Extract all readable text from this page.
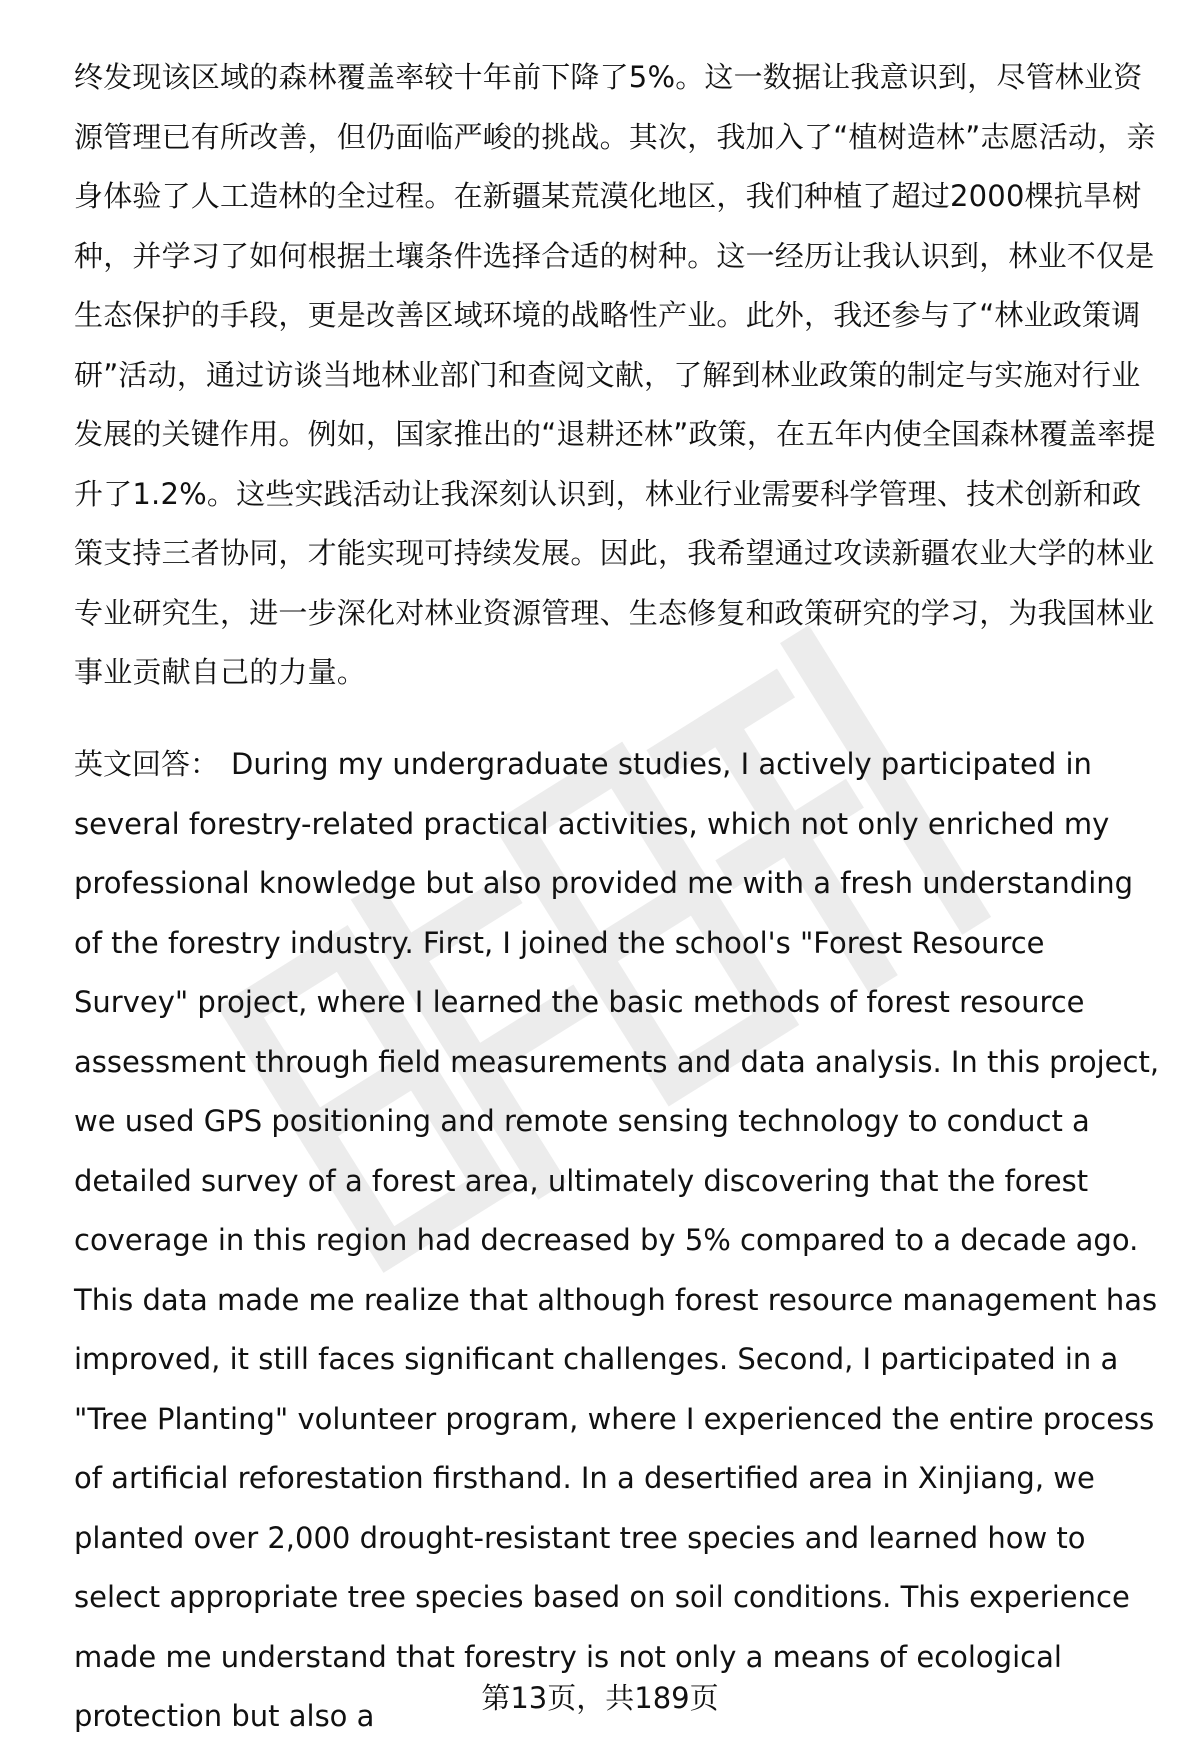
终发现该区域的森林覆盖率较十年前下降了5%。这一数据让我意识到，尽管林业资源管理已有所改善，但仍面临严峻的挑战。其次，我加入了“植树造林”志愿活动，亲身体验了人工造林的全过程。在新疆某荒漠化地区，我们种植了超过2000棵抗旱树种，并学习了如何根据土壤条件选择合适的树种。这一经历让我认识到，林业不仅是生态保护的手段，更是改善区域环境的战略性产业。此外，我还参与了“林业政策调研”活动，通过访谈当地林业部门和查阅文献，了解到林业政策的制定与实施对行业发展的关键作用。例如，国家推出的“退耕还林”政策，在五年内使全国森林覆盖率提升了1.2%。这些实践活动让我深刻认识到，林业行业需要科学管理、技术创新和政策支持三者协同，才能实现可持续发展。因此，我希望通过攻读新疆农业大学的林业专业研究生，进一步深化对林业资源管理、生态修复和政策研究的学习，为我国林业事业贡献自己的力量。

英文回答： During my undergraduate studies, I actively participated in several forestry-related practical activities, which not only enriched my professional knowledge but also provided me with a fresh understanding of the forestry industry. First, I joined the school's "Forest Resource Survey" project, where I learned the basic methods of forest resource assessment through field measurements and data analysis. In this project, we used GPS positioning and remote sensing technology to conduct a detailed survey of a forest area, ultimately discovering that the forest coverage in this region had decreased by 5% compared to a decade ago. This data made me realize that although forest resource management has improved, it still faces significant challenges. Second, I participated in a "Tree Planting" volunteer program, where I experienced the entire process of artificial reforestation firsthand. In a desertified area in Xinjiang, we planted over 2,000 drought-resistant tree species and learned how to select appropriate tree species based on soil conditions. This experience made me understand that forestry is not only a means of ecological protection but also a

第13页，共189页
